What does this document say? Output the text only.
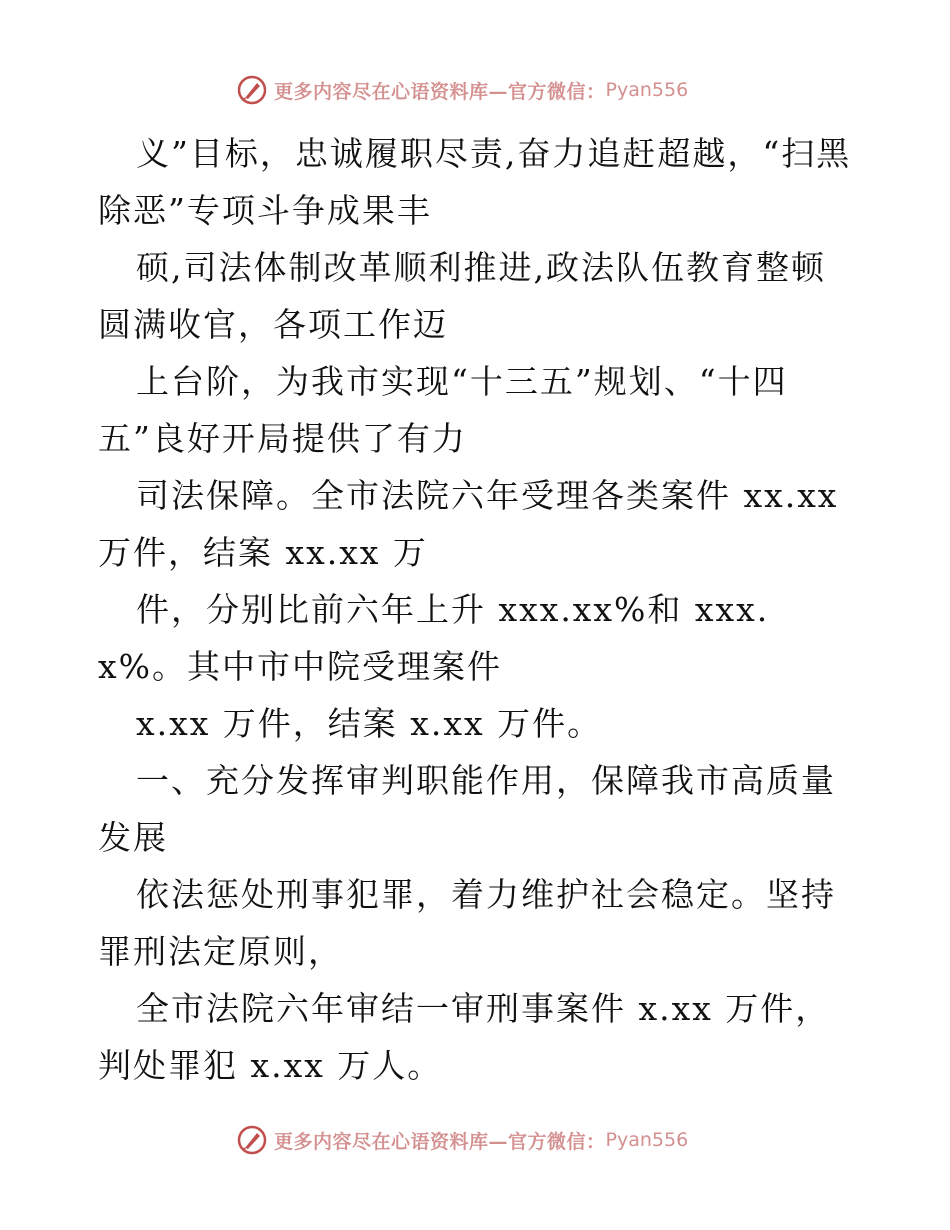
更多内容尽在心语资料库—官方微信： Pyan556

义”目标，忠诚履职尽责,奋力追赶超越，“扫黑除恶”专项斗争成果丰

硕,司法体制改革顺利推进,政法队伍教育整顿圆满收官，各项工作迈

上台阶，为我市实现“十三五”规划、“十四五”良好开局提供了有力

司法保障。全市法院六年受理各类案件 xx.xx 万件，结案 xx.xx 万

件，分别比前六年上升 xxx.xx%和 xxx.x%。其中市中院受理案件

x.xx 万件，结案 x.xx 万件。

一、充分发挥审判职能作用，保障我市高质量发展

依法惩处刑事犯罪，着力维护社会稳定。坚持罪刑法定原则，

全市法院六年审结一审刑事案件 x.xx 万件，判处罪犯 x.xx 万人。

更多内容尽在心语资料库—官方微信： Pyan556
